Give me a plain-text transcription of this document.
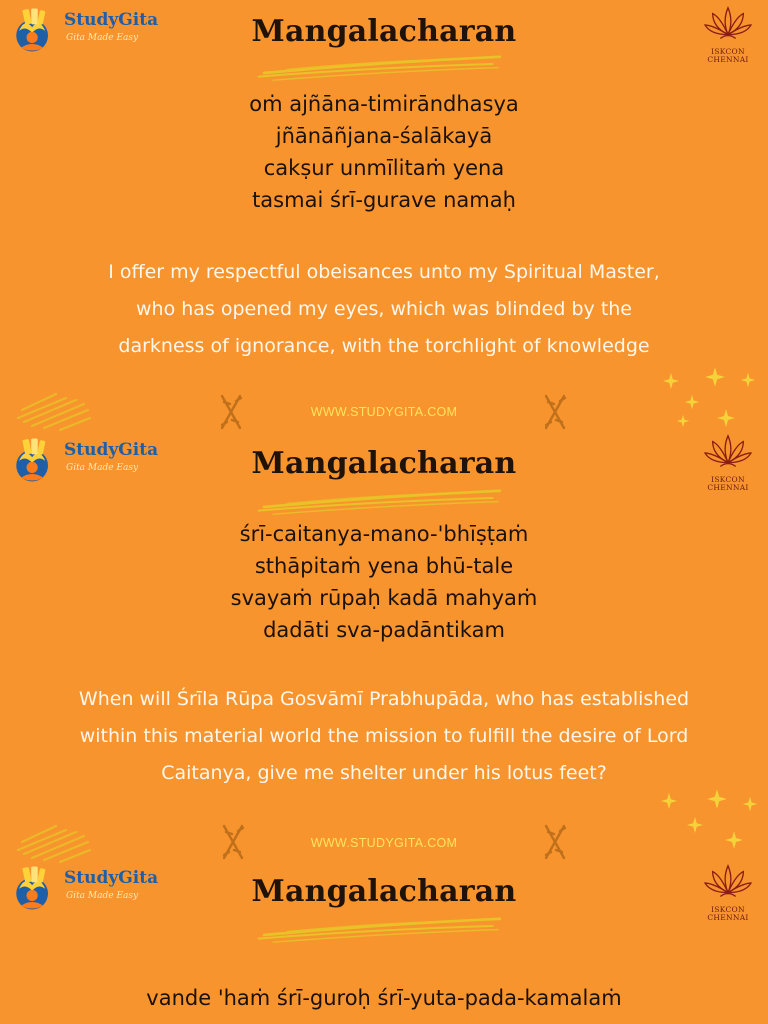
StudyGita
Gita Made Easy
ISKCON
CHENNAI
Mangalacharan
oṁ ajñāna-timirāndhasya
jñānāñjana-śalākayā
cakṣur unmīlitaṁ yena
tasmai śrī-gurave namaḥ
I offer my respectful obeisances unto my Spiritual Master,
who has opened my eyes, which was blinded by the
darkness of ignorance, with the torchlight of knowledge
WWW.STUDYGITA.COM
StudyGita
Gita Made Easy
ISKCON
CHENNAI
Mangalacharan
śrī-caitanya-mano-'bhīṣṭaṁ
sthāpitaṁ yena bhū-tale
svayaṁ rūpaḥ kadā mahyaṁ
dadāti sva-padāntikam
When will Śrīla Rūpa Gosvāmī Prabhupāda, who has established
within this material world the mission to fulfill the desire of Lord
Caitanya, give me shelter under his lotus feet?
WWW.STUDYGITA.COM
StudyGita
Gita Made Easy
ISKCON
CHENNAI
Mangalacharan
vande 'haṁ śrī-guroḥ śrī-yuta-pada-kamalaṁ
